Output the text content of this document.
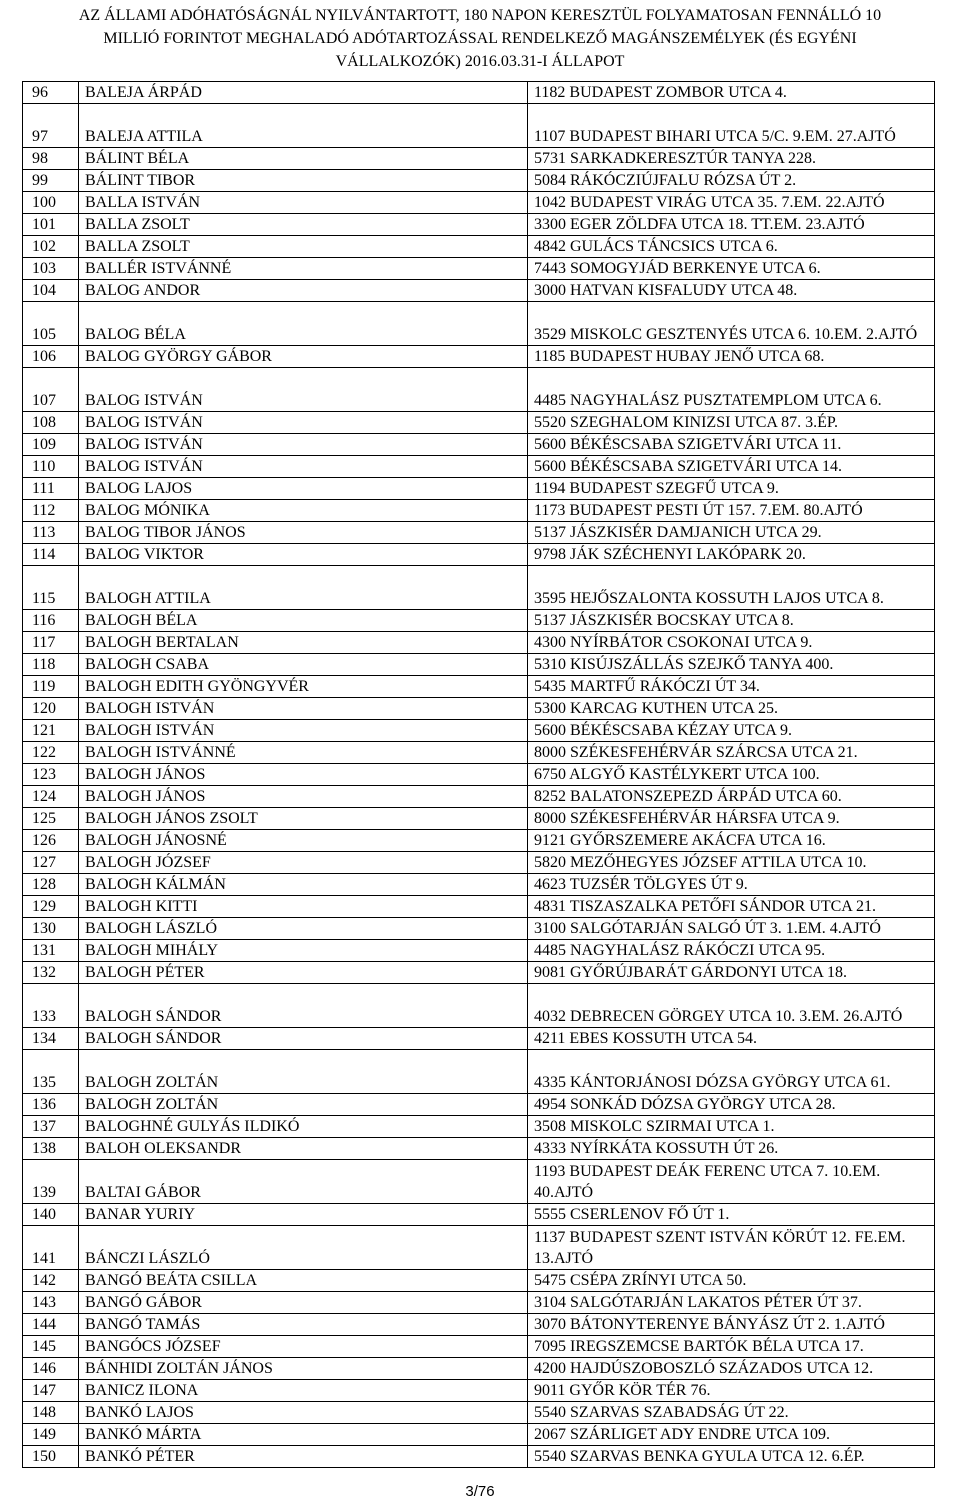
AZ ÁLLAMI ADÓHATÓSÁGNÁL NYILVÁNTARTOTT, 180 NAPON KERESZTÜL FOLYAMATOSAN FENNÁLLÓ 10
MILLIÓ FORINTOT MEGHALADÓ ADÓTARTOZÁSSAL RENDELKEZŐ MAGÁNSZEMÉLYEK (ÉS EGYÉNI
VÁLLALKOZÓK) 2016.03.31-I ÁLLAPOT
96	BALEJA ÁRPÁD	1182 BUDAPEST ZOMBOR UTCA 4.
97	BALEJA ATTILA	1107 BUDAPEST BIHARI UTCA 5/C. 9.EM. 27.AJTÓ
98	BÁLINT BÉLA	5731 SARKADKERESZTÚR TANYA 228.
99	BÁLINT TIBOR	5084 RÁKÓCZIÚJFALU RÓZSA ÚT 2.
100	BALLA ISTVÁN	1042 BUDAPEST VIRÁG UTCA 35. 7.EM. 22.AJTÓ
101	BALLA ZSOLT	3300 EGER ZÖLDFA UTCA 18. TT.EM. 23.AJTÓ
102	BALLA ZSOLT	4842 GULÁCS TÁNCSICS UTCA 6.
103	BALLÉR ISTVÁNNÉ	7443 SOMOGYJÁD BERKENYE UTCA 6.
104	BALOG ANDOR	3000 HATVAN KISFALUDY UTCA 48.
105	BALOG BÉLA	3529 MISKOLC GESZTENYÉS UTCA 6. 10.EM. 2.AJTÓ
106	BALOG GYÖRGY GÁBOR	1185 BUDAPEST HUBAY JENŐ UTCA 68.
107	BALOG ISTVÁN	4485 NAGYHALÁSZ PUSZTATEMPLOM UTCA 6.
108	BALOG ISTVÁN	5520 SZEGHALOM KINIZSI UTCA 87. 3.ÉP.
109	BALOG ISTVÁN	5600 BÉKÉSCSABA SZIGETVÁRI UTCA 11.
110	BALOG ISTVÁN	5600 BÉKÉSCSABA SZIGETVÁRI UTCA 14.
111	BALOG LAJOS	1194 BUDAPEST SZEGFŰ UTCA 9.
112	BALOG MÓNIKA	1173 BUDAPEST PESTI ÚT 157. 7.EM. 80.AJTÓ
113	BALOG TIBOR JÁNOS	5137 JÁSZKISÉR DAMJANICH UTCA 29.
114	BALOG VIKTOR	9798 JÁK SZÉCHENYI LAKÓPARK 20.
115	BALOGH ATTILA	3595 HEJŐSZALONTA KOSSUTH LAJOS UTCA 8.
116	BALOGH BÉLA	5137 JÁSZKISÉR BOCSKAY UTCA 8.
117	BALOGH BERTALAN	4300 NYÍRBÁTOR CSOKONAI UTCA 9.
118	BALOGH CSABA	5310 KISÚJSZÁLLÁS SZEJKŐ TANYA 400.
119	BALOGH EDITH GYÖNGYVÉR	5435 MARTFŰ RÁKÓCZI ÚT 34.
120	BALOGH ISTVÁN	5300 KARCAG KUTHEN UTCA 25.
121	BALOGH ISTVÁN	5600 BÉKÉSCSABA KÉZAY UTCA 9.
122	BALOGH ISTVÁNNÉ	8000 SZÉKESFEHÉRVÁR SZÁRCSA UTCA 21.
123	BALOGH JÁNOS	6750 ALGYŐ KASTÉLYKERT UTCA 100.
124	BALOGH JÁNOS	8252 BALATONSZEPEZD ÁRPÁD UTCA 60.
125	BALOGH JÁNOS ZSOLT	8000 SZÉKESFEHÉRVÁR HÁRSFA UTCA 9.
126	BALOGH JÁNOSNÉ	9121 GYŐRSZEMERE AKÁCFA UTCA 16.
127	BALOGH JÓZSEF	5820 MEZŐHEGYES JÓZSEF ATTILA UTCA 10.
128	BALOGH KÁLMÁN	4623 TUZSÉR TÖLGYES ÚT 9.
129	BALOGH KITTI	4831 TISZASZALKA PETŐFI SÁNDOR UTCA 21.
130	BALOGH LÁSZLÓ	3100 SALGÓTARJÁN SALGÓ ÚT 3. 1.EM. 4.AJTÓ
131	BALOGH MIHÁLY	4485 NAGYHALÁSZ RÁKÓCZI UTCA 95.
132	BALOGH PÉTER	9081 GYŐRÚJBARÁT GÁRDONYI UTCA 18.
133	BALOGH SÁNDOR	4032 DEBRECEN GÖRGEY UTCA 10. 3.EM. 26.AJTÓ
134	BALOGH SÁNDOR	4211 EBES KOSSUTH UTCA 54.
135	BALOGH ZOLTÁN	4335 KÁNTORJÁNOSI DÓZSA GYÖRGY UTCA 61.
136	BALOGH ZOLTÁN	4954 SONKÁD DÓZSA GYÖRGY UTCA 28.
137	BALOGHNÉ GULYÁS ILDIKÓ	3508 MISKOLC SZIRMAI UTCA 1.
138	BALOH OLEKSANDR	4333 NYÍRKÁTA KOSSUTH ÚT 26.
139	BALTAI GÁBOR	1193 BUDAPEST DEÁK FERENC UTCA 7. 10.EM. 40.AJTÓ
140	BANAR YURIY	5555 CSERLENOV FŐ ÚT 1.
141	BÁNCZI LÁSZLÓ	1137 BUDAPEST SZENT ISTVÁN KÖRÚT 12. FE.EM. 13.AJTÓ
142	BANGÓ BEÁTA CSILLA	5475 CSÉPA ZRÍNYI UTCA 50.
143	BANGÓ GÁBOR	3104 SALGÓTARJÁN LAKATOS PÉTER ÚT 37.
144	BANGÓ TAMÁS	3070 BÁTONYTERENYE BÁNYÁSZ ÚT 2. 1.AJTÓ
145	BANGÓCS JÓZSEF	7095 IREGSZEMCSE BARTÓK BÉLA UTCA 17.
146	BÁNHIDI ZOLTÁN JÁNOS	4200 HAJDÚSZOBOSZLÓ SZÁZADOS UTCA 12.
147	BANICZ ILONA	9011 GYŐR KÖR TÉR 76.
148	BANKÓ LAJOS	5540 SZARVAS SZABADSÁG ÚT 22.
149	BANKÓ MÁRTA	2067 SZÁRLIGET ADY ENDRE UTCA 109.
150	BANKÓ PÉTER	5540 SZARVAS BENKA GYULA UTCA 12. 6.ÉP.
3/76
